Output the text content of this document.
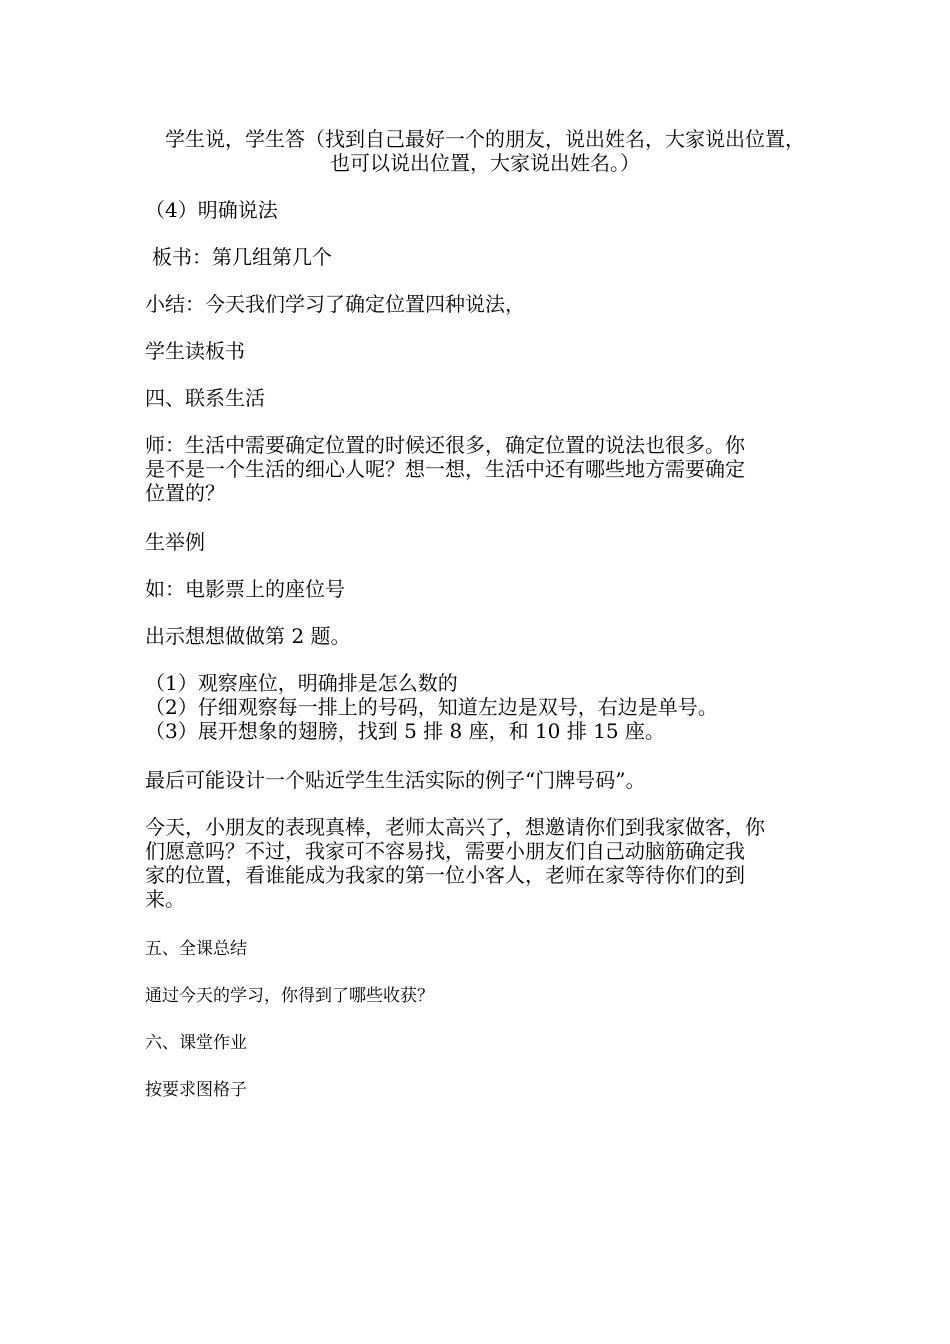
学生说，学生答（找到自己最好一个的朋友，说出姓名，大家说出位置，
也可以说出位置，大家说出姓名。）
（4）明确说法
板书：第几组第几个
小结：今天我们学习了确定位置四种说法，
学生读板书
四、联系生活
师：生活中需要确定位置的时候还很多，确定位置的说法也很多。你
是不是一个生活的细心人呢？想一想，生活中还有哪些地方需要确定
位置的？
生举例
如：电影票上的座位号
出示想想做做第 2 题。
（1）观察座位，明确排是怎么数的
（2）仔细观察每一排上的号码，知道左边是双号，右边是单号。
（3）展开想象的翅膀，找到 5 排 8 座，和 10 排 15 座。
最后可能设计一个贴近学生生活实际的例子“门牌号码”。
今天，小朋友的表现真棒，老师太高兴了，想邀请你们到我家做客，你
们愿意吗？不过，我家可不容易找，需要小朋友们自己动脑筋确定我
家的位置，看谁能成为我家的第一位小客人，老师在家等待你们的到
来。
五、全课总结
通过今天的学习，你得到了哪些收获？
六、课堂作业
按要求图格子
